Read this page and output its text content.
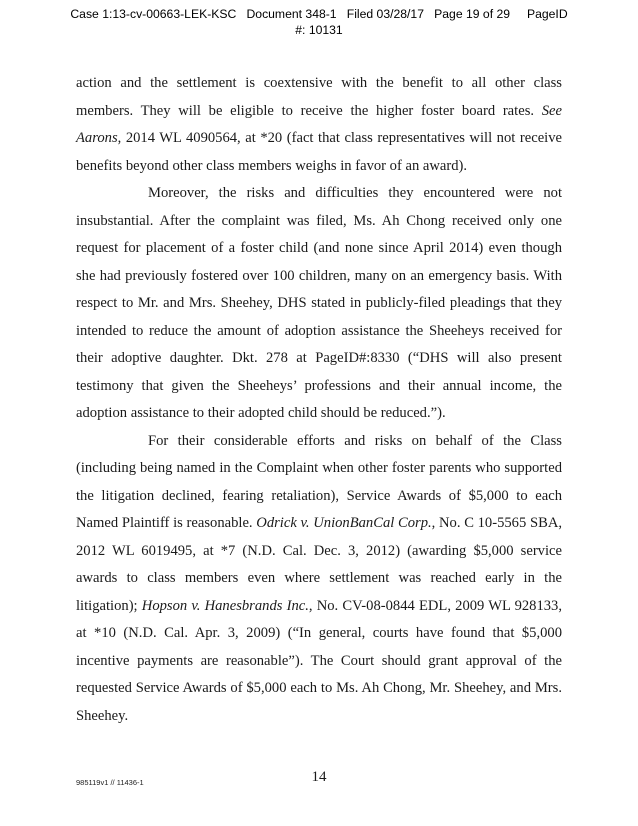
Case 1:13-cv-00663-LEK-KSC   Document 348-1   Filed 03/28/17   Page 19 of 29     PageID
#: 10131

action and the settlement is coextensive with the benefit to all other class members. They will be eligible to receive the higher foster board rates. See Aarons, 2014 WL 4090564, at *20 (fact that class representatives will not receive benefits beyond other class members weighs in favor of an award).

Moreover, the risks and difficulties they encountered were not insubstantial. After the complaint was filed, Ms. Ah Chong received only one request for placement of a foster child (and none since April 2014) even though she had previously fostered over 100 children, many on an emergency basis. With respect to Mr. and Mrs. Sheehey, DHS stated in publicly-filed pleadings that they intended to reduce the amount of adoption assistance the Sheeheys received for their adoptive daughter. Dkt. 278 at PageID#:8330 (“DHS will also present testimony that given the Sheeheys’ professions and their annual income, the adoption assistance to their adopted child should be reduced.”).

For their considerable efforts and risks on behalf of the Class (including being named in the Complaint when other foster parents who supported the litigation declined, fearing retaliation), Service Awards of $5,000 to each Named Plaintiff is reasonable. Odrick v. UnionBanCal Corp., No. C 10-5565 SBA, 2012 WL 6019495, at *7 (N.D. Cal. Dec. 3, 2012) (awarding $5,000 service awards to class members even where settlement was reached early in the litigation); Hopson v. Hanesbrands Inc., No. CV-08-0844 EDL, 2009 WL 928133, at *10 (N.D. Cal. Apr. 3, 2009) (“In general, courts have found that $5,000 incentive payments are reasonable”). The Court should grant approval of the requested Service Awards of $5,000 each to Ms. Ah Chong, Mr. Sheehey, and Mrs. Sheehey.

985119v1 // 11436-1	14
